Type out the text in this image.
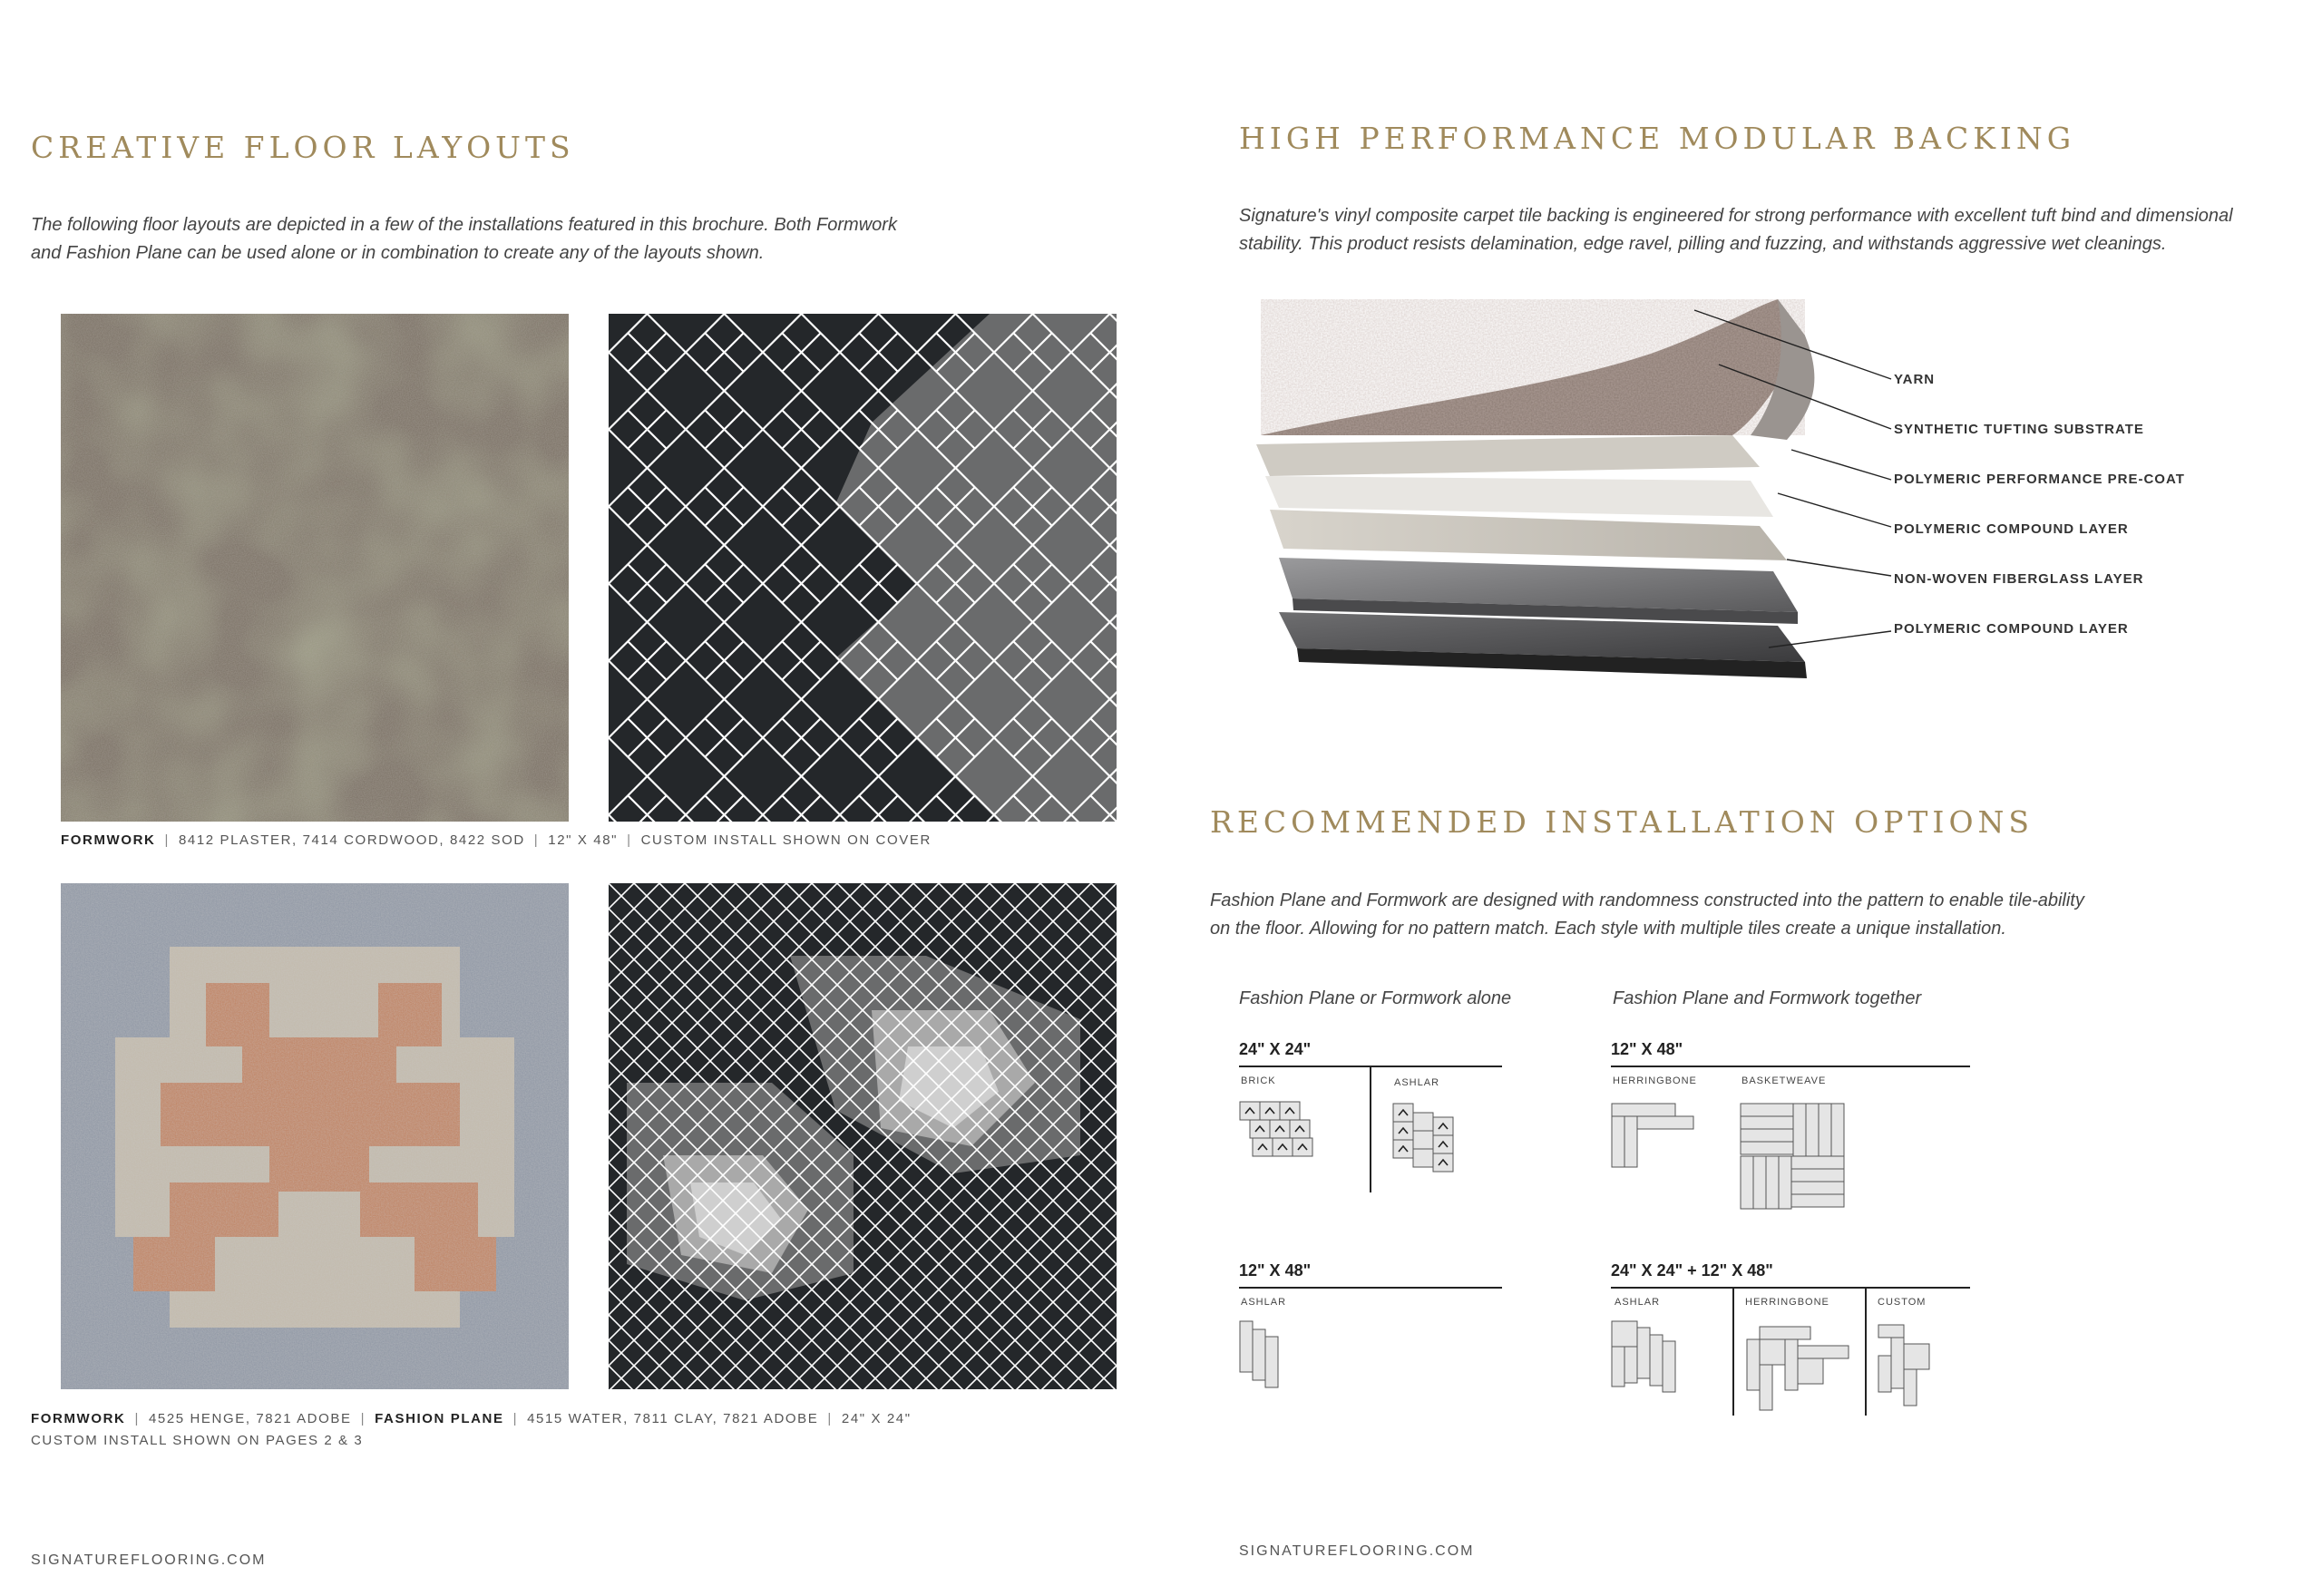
CREATIVE FLOOR LAYOUTS

The following floor layouts are depicted in a few of the installations featured in this brochure. Both Formwork

and Fashion Plane can be used alone or in combination to create any of the layouts shown.

FORMWORK | 8412 PLASTER, 7414 CORDWOOD, 8422 SOD | 12" X 48" | CUSTOM INSTALL SHOWN ON COVER
FORMWORK | 4525 HENGE, 7821 ADOBE | FASHION PLANE | 4515 WATER, 7811 CLAY, 7821 ADOBE | 24" X 24"
CUSTOM INSTALL SHOWN ON PAGES 2 & 3
SIGNATUREFLOORING.COM
HIGH PERFORMANCE MODULAR BACKING

Signature's vinyl composite carpet tile backing is engineered for strong performance with excellent tuft bind and dimensional

stability. This product resists delamination, edge ravel, pilling and fuzzing, and withstands aggressive wet cleanings.

YARN
SYNTHETIC TUFTING SUBSTRATE
POLYMERIC PERFORMANCE PRE-COAT
POLYMERIC COMPOUND LAYER
NON-WOVEN FIBERGLASS LAYER
POLYMERIC COMPOUND LAYER
RECOMMENDED INSTALLATION OPTIONS

Fashion Plane and Formwork are designed with randomness constructed into the pattern to enable tile-ability

on the floor. Allowing for no pattern match. Each style with multiple tiles create a unique installation.

Fashion Plane or Formwork alone	Fashion Plane and Formwork together
24" X 24"
BRICK	ASHLAR
12" X 48"
HERRINGBONE	BASKETWEAVE
12" X 48"
ASHLAR
24" X 24" + 12" X 48"
ASHLAR	HERRINGBONE	CUSTOM
SIGNATUREFLOORING.COM
